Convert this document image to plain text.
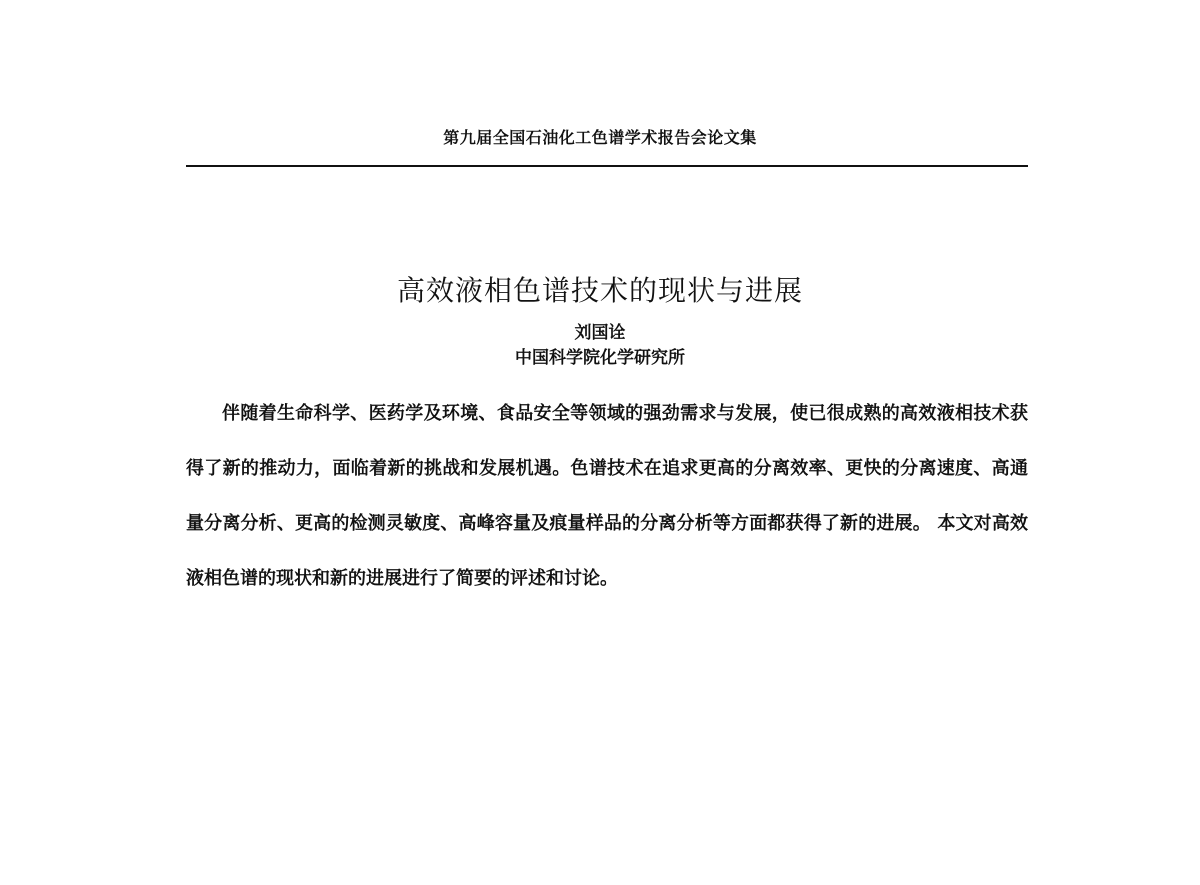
第九届全国石油化工色谱学术报告会论文集
高效液相色谱技术的现状与进展
刘国诠
中国科学院化学研究所

伴随着生命科学、医药学及环境、食品安全等领域的强劲需求与发展，使已很成熟的高效液相技术获得了新的推动力，面临着新的挑战和发展机遇。色谱技术在追求更高的分离效率、更快的分离速度、高通量分离分析、更高的检测灵敏度、高峰容量及痕量样品的分离分析等方面都获得了新的进展。 本文对高效液相色谱的现状和新的进展进行了简要的评述和讨论。
